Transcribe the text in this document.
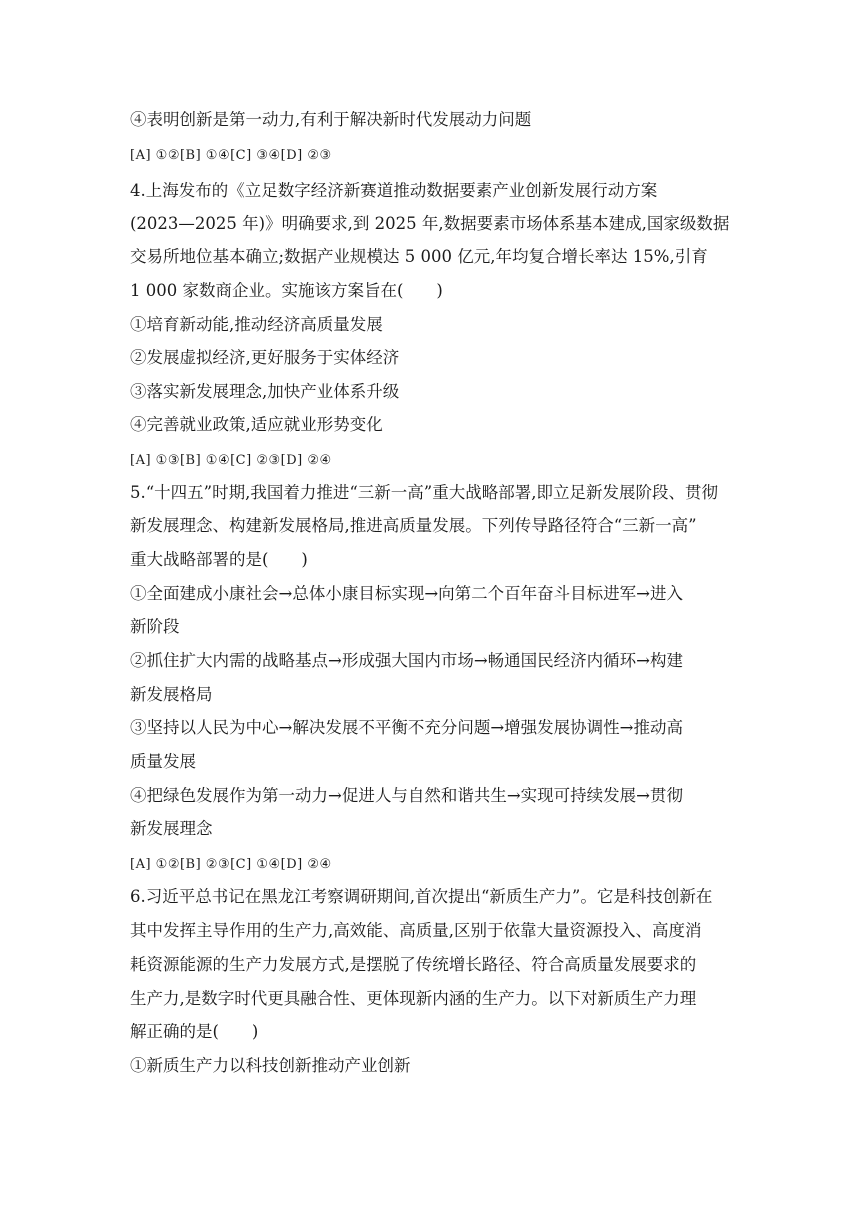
④表明创新是第一动力,有利于解决新时代发展动力问题
[A] ①②[B] ①④[C] ③④[D] ②③
4.上海发布的《立足数字经济新赛道推动数据要素产业创新发展行动方案
(2023—2025 年)》明确要求,到 2025 年,数据要素市场体系基本建成,国家级数据
交易所地位基本确立;数据产业规模达 5 000 亿元,年均复合增长率达 15%,引育
1 000 家数商企业。实施该方案旨在(　　)
①培育新动能,推动经济高质量发展
②发展虚拟经济,更好服务于实体经济
③落实新发展理念,加快产业体系升级
④完善就业政策,适应就业形势变化
[A] ①③[B] ①④[C] ②③[D] ②④
5.“十四五”时期,我国着力推进“三新一高”重大战略部署,即立足新发展阶段、贯彻
新发展理念、构建新发展格局,推进高质量发展。下列传导路径符合“三新一高”
重大战略部署的是(　　)
①全面建成小康社会→总体小康目标实现→向第二个百年奋斗目标进军→进入
新阶段
②抓住扩大内需的战略基点→形成强大国内市场→畅通国民经济内循环→构建
新发展格局
③坚持以人民为中心→解决发展不平衡不充分问题→增强发展协调性→推动高
质量发展
④把绿色发展作为第一动力→促进人与自然和谐共生→实现可持续发展→贯彻
新发展理念
[A] ①②[B] ②③[C] ①④[D] ②④
6.习近平总书记在黑龙江考察调研期间,首次提出“新质生产力”。它是科技创新在
其中发挥主导作用的生产力,高效能、高质量,区别于依靠大量资源投入、高度消
耗资源能源的生产力发展方式,是摆脱了传统增长路径、符合高质量发展要求的
生产力,是数字时代更具融合性、更体现新内涵的生产力。以下对新质生产力理
解正确的是(　　)
①新质生产力以科技创新推动产业创新
